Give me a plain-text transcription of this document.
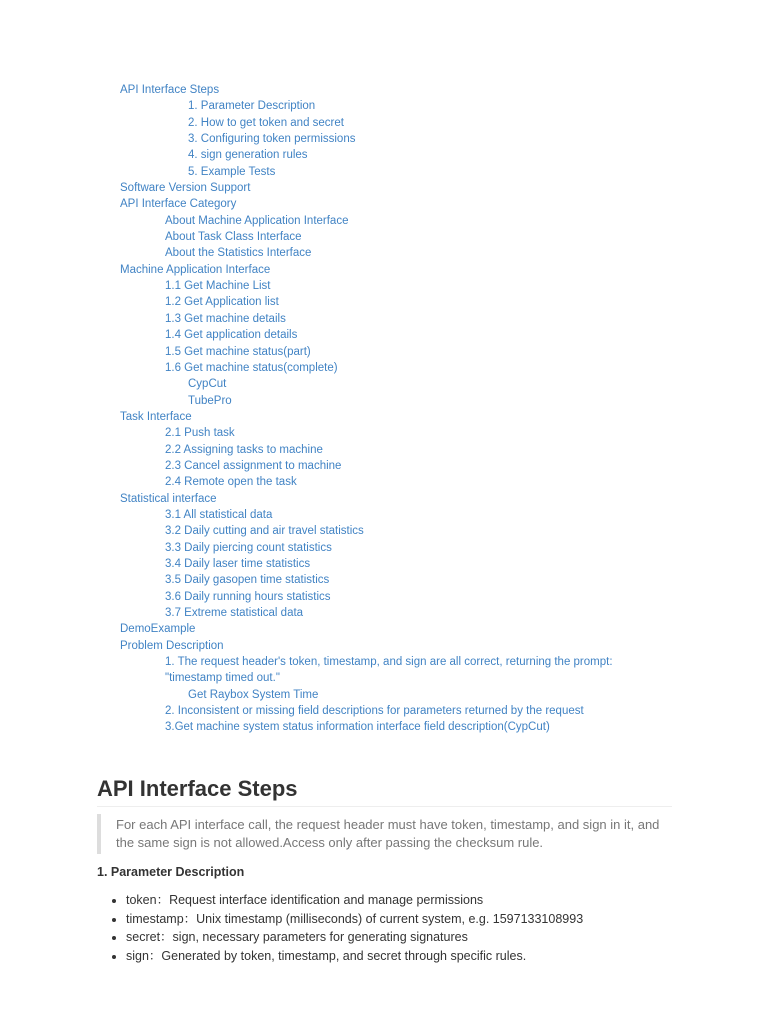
API Interface Steps
1. Parameter Description
2. How to get token and secret
3. Configuring token permissions
4. sign generation rules
5. Example Tests
Software Version Support
API Interface Category
About Machine Application Interface
About Task Class Interface
About the Statistics Interface
Machine Application Interface
1.1 Get Machine List
1.2 Get Application list
1.3 Get machine details
1.4 Get application details
1.5 Get machine status(part)
1.6 Get machine status(complete)
CypCut
TubePro
Task Interface
2.1 Push task
2.2 Assigning tasks to machine
2.3 Cancel assignment to machine
2.4 Remote open the task
Statistical interface
3.1 All statistical data
3.2 Daily cutting and air travel statistics
3.3 Daily piercing count statistics
3.4 Daily laser time statistics
3.5 Daily gasopen time statistics
3.6 Daily running hours statistics
3.7 Extreme statistical data
DemoExample
Problem Description
1. The request header's token, timestamp, and sign are all correct, returning the prompt: "timestamp timed out."
Get Raybox System Time
2. Inconsistent or missing field descriptions for parameters returned by the request
3.Get machine system status information interface field description(CypCut)
API Interface Steps
For each API interface call, the request header must have token, timestamp, and sign in it, and the same sign is not allowed.Access only after passing the checksum rule.
1. Parameter Description
• token：Request interface identification and manage permissions
• timestamp：Unix timestamp (milliseconds) of current system, e.g. 1597133108993
• secret：sign, necessary parameters for generating signatures
• sign：Generated by token, timestamp, and secret through specific rules.
